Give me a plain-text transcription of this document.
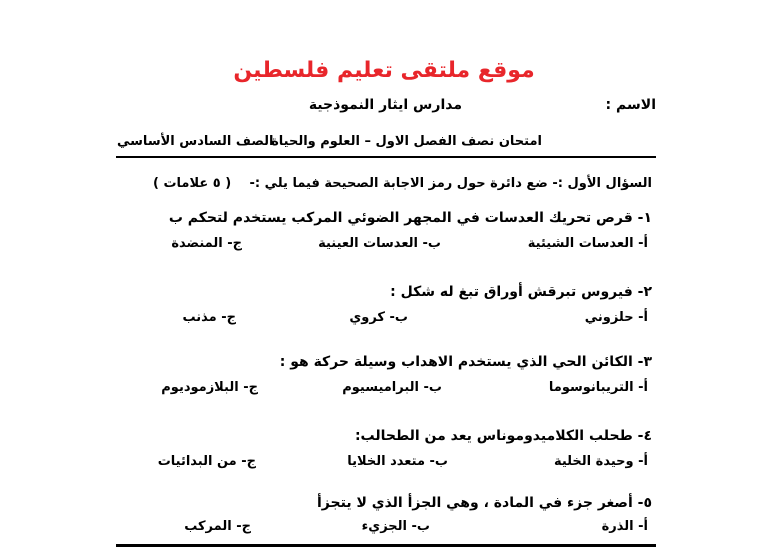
موقع ملتقى تعليم فلسطين
الاسم :
مدارس ايثار النموذجية
امتحان نصف الفصل الاول – العلوم والحياة
الصف السادس الأساسي
السؤال الأول :- ضع دائرة حول رمز الاجابة الصحيحة فيما يلي :-
( ٥ علامات )
١- قرص تحريك العدسات في المجهر الضوئي المركب يستخدم لتحكم ب
أ- العدسات الشيئية
ب- العدسات العينية
ج- المنضدة
٢- فيروس تبرقش أوراق تبغ له شكل :
أ- حلزوني
ب- كروي
ج- مذنب
٣- الكائن الحي الذي يستخدم الاهداب وسيلة حركة هو :
أ- التريبانوسوما
ب- البراميسيوم
ج- البلازموديوم
٤- طحلب الكلاميدوموناس يعد من الطحالب:
أ- وحيدة الخلية
ب- متعدد الخلايا
ج- من البدائيات
٥- أصغر جزء في المادة ، وهي الجزأ الذي لا يتجزأ
أ- الذرة
ب- الجزيء
ج- المركب
